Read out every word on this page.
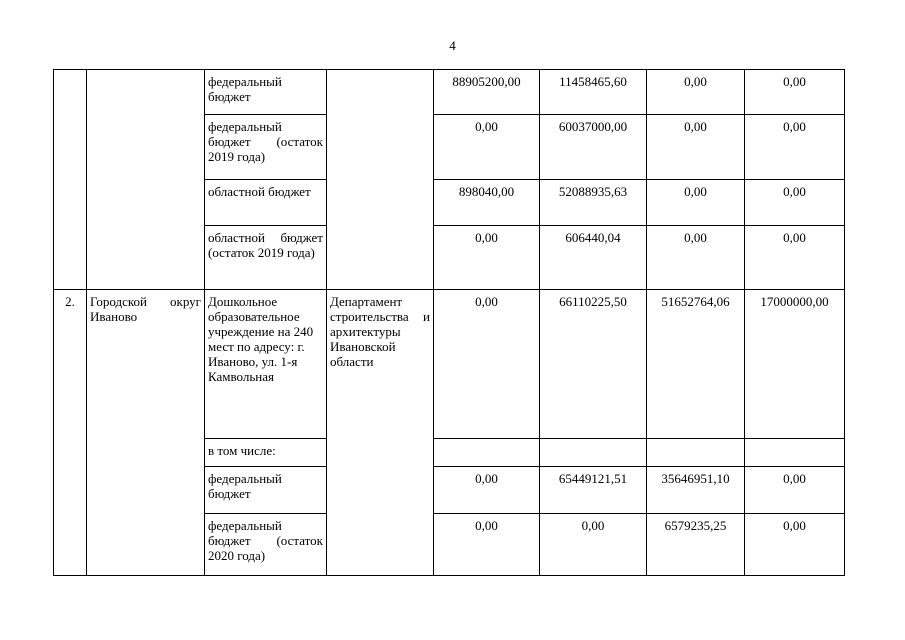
4
		федеральный бюджет		88905200,00	11458465,60	0,00	0,00
		федеральный бюджет (остаток 2019 года)		0,00	60037000,00	0,00	0,00
		областной бюджет		898040,00	52088935,63	0,00	0,00
		областной бюджет (остаток 2019 года)		0,00	606440,04	0,00	0,00
2.	Городской округ Иваново	Дошкольное образовательное учреждение на 240 мест по адресу: г. Иваново, ул. 1-я Камвольная	Департамент строительства и архитектуры Ивановской области	0,00	66110225,50	51652764,06	17000000,00
		в том числе:					
		федеральный бюджет		0,00	65449121,51	35646951,10	0,00
		федеральный бюджет (остаток 2020 года)		0,00	0,00	6579235,25	0,00
